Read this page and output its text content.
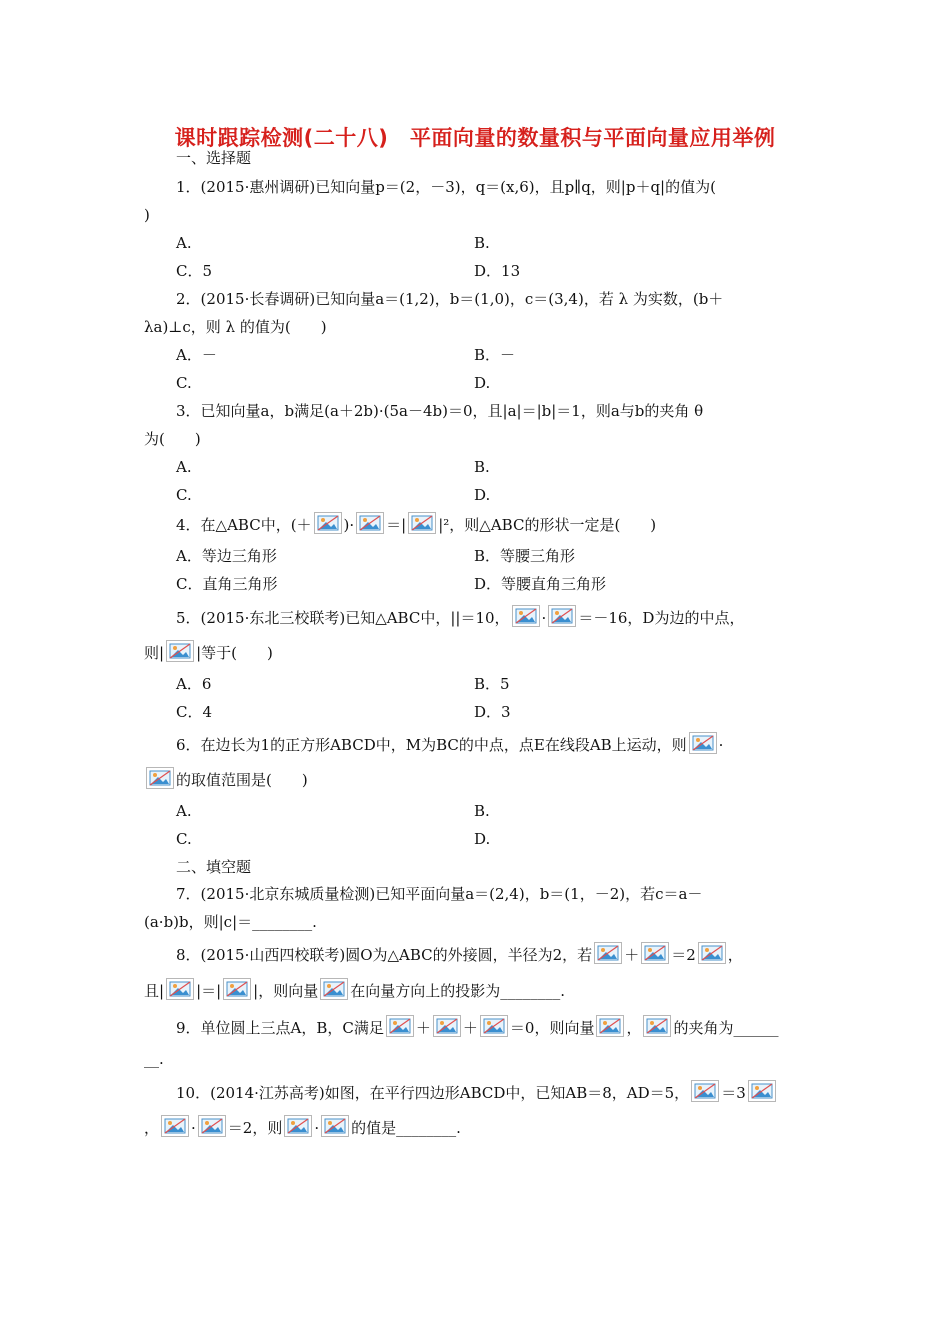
课时跟踪检测(二十八)　平面向量的数量积与平面向量应用举例
一、选择题
1．(2015·惠州调研)已知向量p＝(2，－3)，q＝(x,6)，且p∥q，则|p＋q|的值为(
)
A.	B.
C．5	D．13
2．(2015·长春调研)已知向量a＝(1,2)，b＝(1,0)，c＝(3,4)，若 λ 为实数，(b＋
λa)⊥c，则 λ 的值为(　　)
A．－	B．－
C.	D.
3．已知向量a，b满足(a＋2b)·(5a－4b)＝0，且|a|＝|b|＝1，则a与b的夹角 θ
为(　　)
A.	B.
C.	D.
4．在△ABC中，(＋ )· ＝| |²，则△ABC的形状一定是(　　)
A．等边三角形	B．等腰三角形
C．直角三角形	D．等腰直角三角形
5．(2015·东北三校联考)已知△ABC中，||＝10， · ＝－16，D为边的中点，
则| |等于(　　)
A．6	B．5
C．4	D．3
6．在边长为1的正方形ABCD中，M为BC的中点，点E在线段AB上运动，则 ·
的取值范围是(　　)
A.	B.
C.	D.
二、填空题
7．(2015·北京东城质量检测)已知平面向量a＝(2,4)，b＝(1，－2)，若c＝a－
(a·b)b，则|c|＝________.
8．(2015·山西四校联考)圆O为△ABC的外接圆，半径为2，若 ＋ ＝2 ，
且| |＝| |，则向量 在向量方向上的投影为________.
9．单位圆上三点A，B，C满足 ＋ ＋ ＝0，则向量 ， 的夹角为______
__.
10．(2014·江苏高考)如图，在平行四边形ABCD中，已知AB＝8，AD＝5， ＝3
， · ＝2，则 · 的值是________.
